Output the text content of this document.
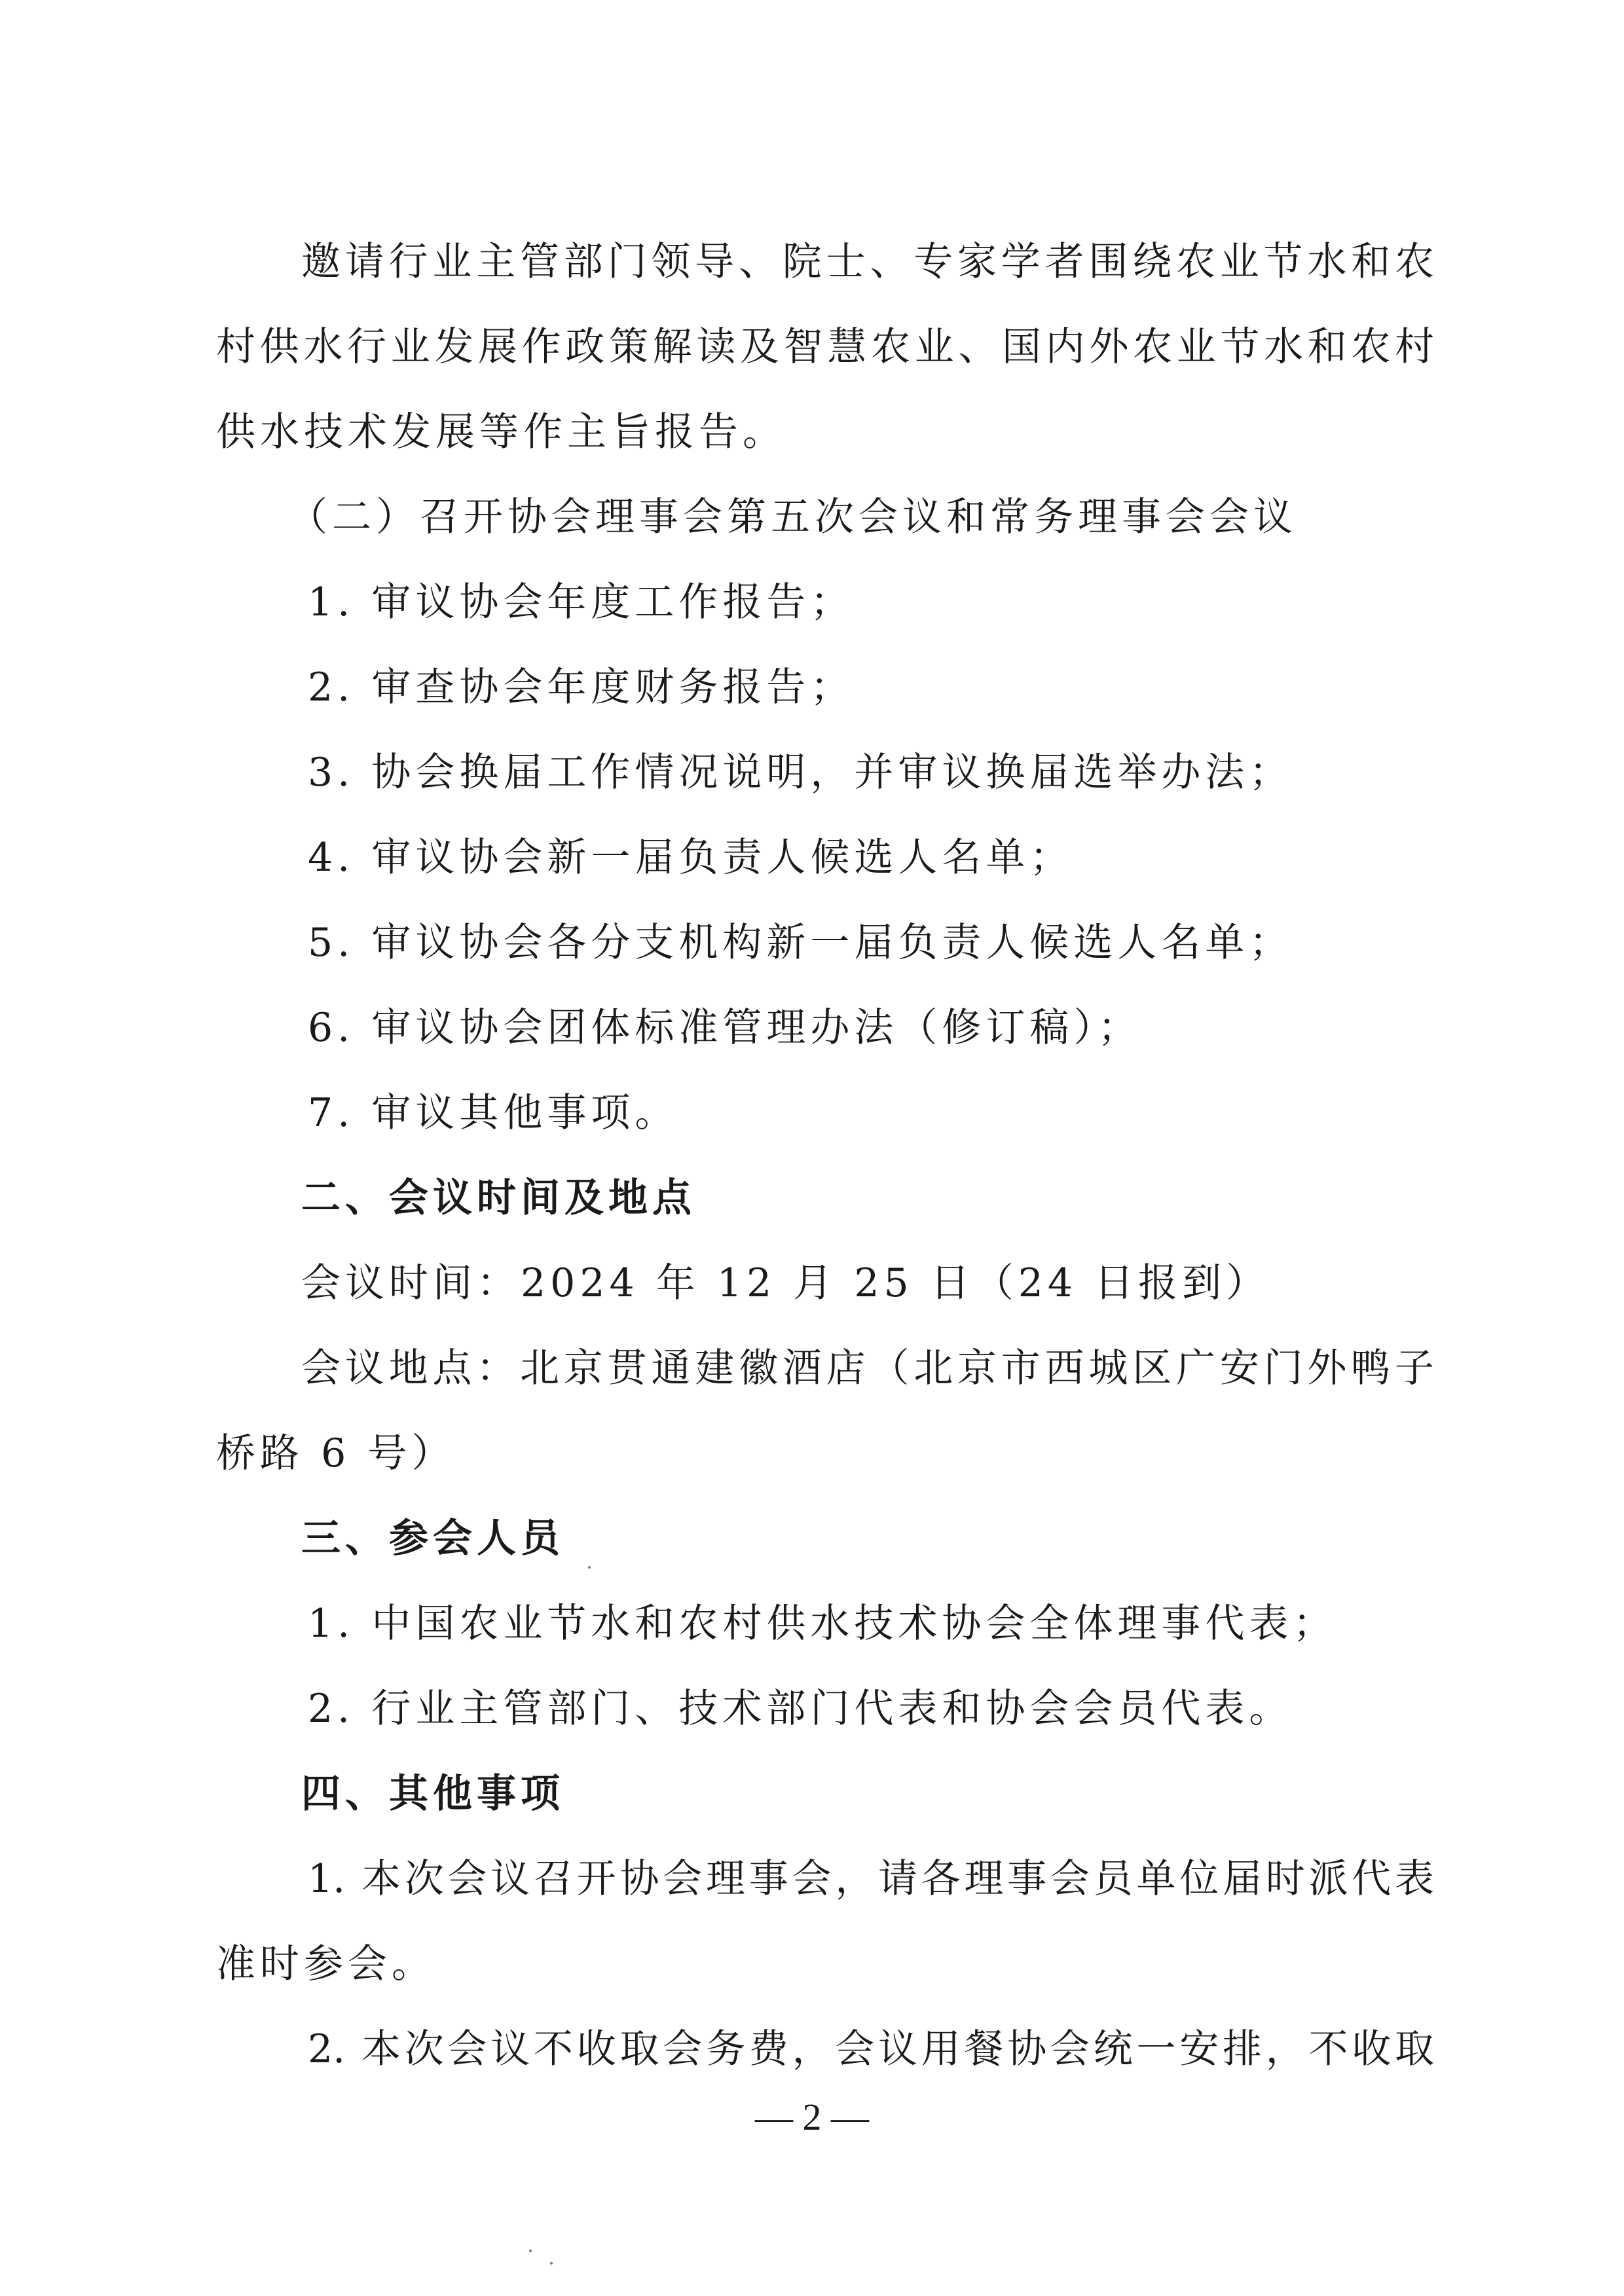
邀请行业主管部门领导、院士、专家学者围绕农业节水和农
村供水行业发展作政策解读及智慧农业、国内外农业节水和农村
供水技术发展等作主旨报告。
（二）召开协会理事会第五次会议和常务理事会会议
1. 审议协会年度工作报告；
2. 审查协会年度财务报告；
3. 协会换届工作情况说明，并审议换届选举办法；
4. 审议协会新一届负责人候选人名单；
5. 审议协会各分支机构新一届负责人候选人名单；
6. 审议协会团体标准管理办法（修订稿）；
7. 审议其他事项。
二、会议时间及地点
会议时间：2024 年 12 月 25 日（24 日报到）
会议地点：北京贯通建徽酒店（北京市西城区广安门外鸭子
桥路 6 号）
三、参会人员
1. 中国农业节水和农村供水技术协会全体理事代表；
2. 行业主管部门、技术部门代表和协会会员代表。
四、其他事项
1. 本次会议召开协会理事会，请各理事会员单位届时派代表
准时参会。
2. 本次会议不收取会务费，会议用餐协会统一安排，不收取
— 2 —
